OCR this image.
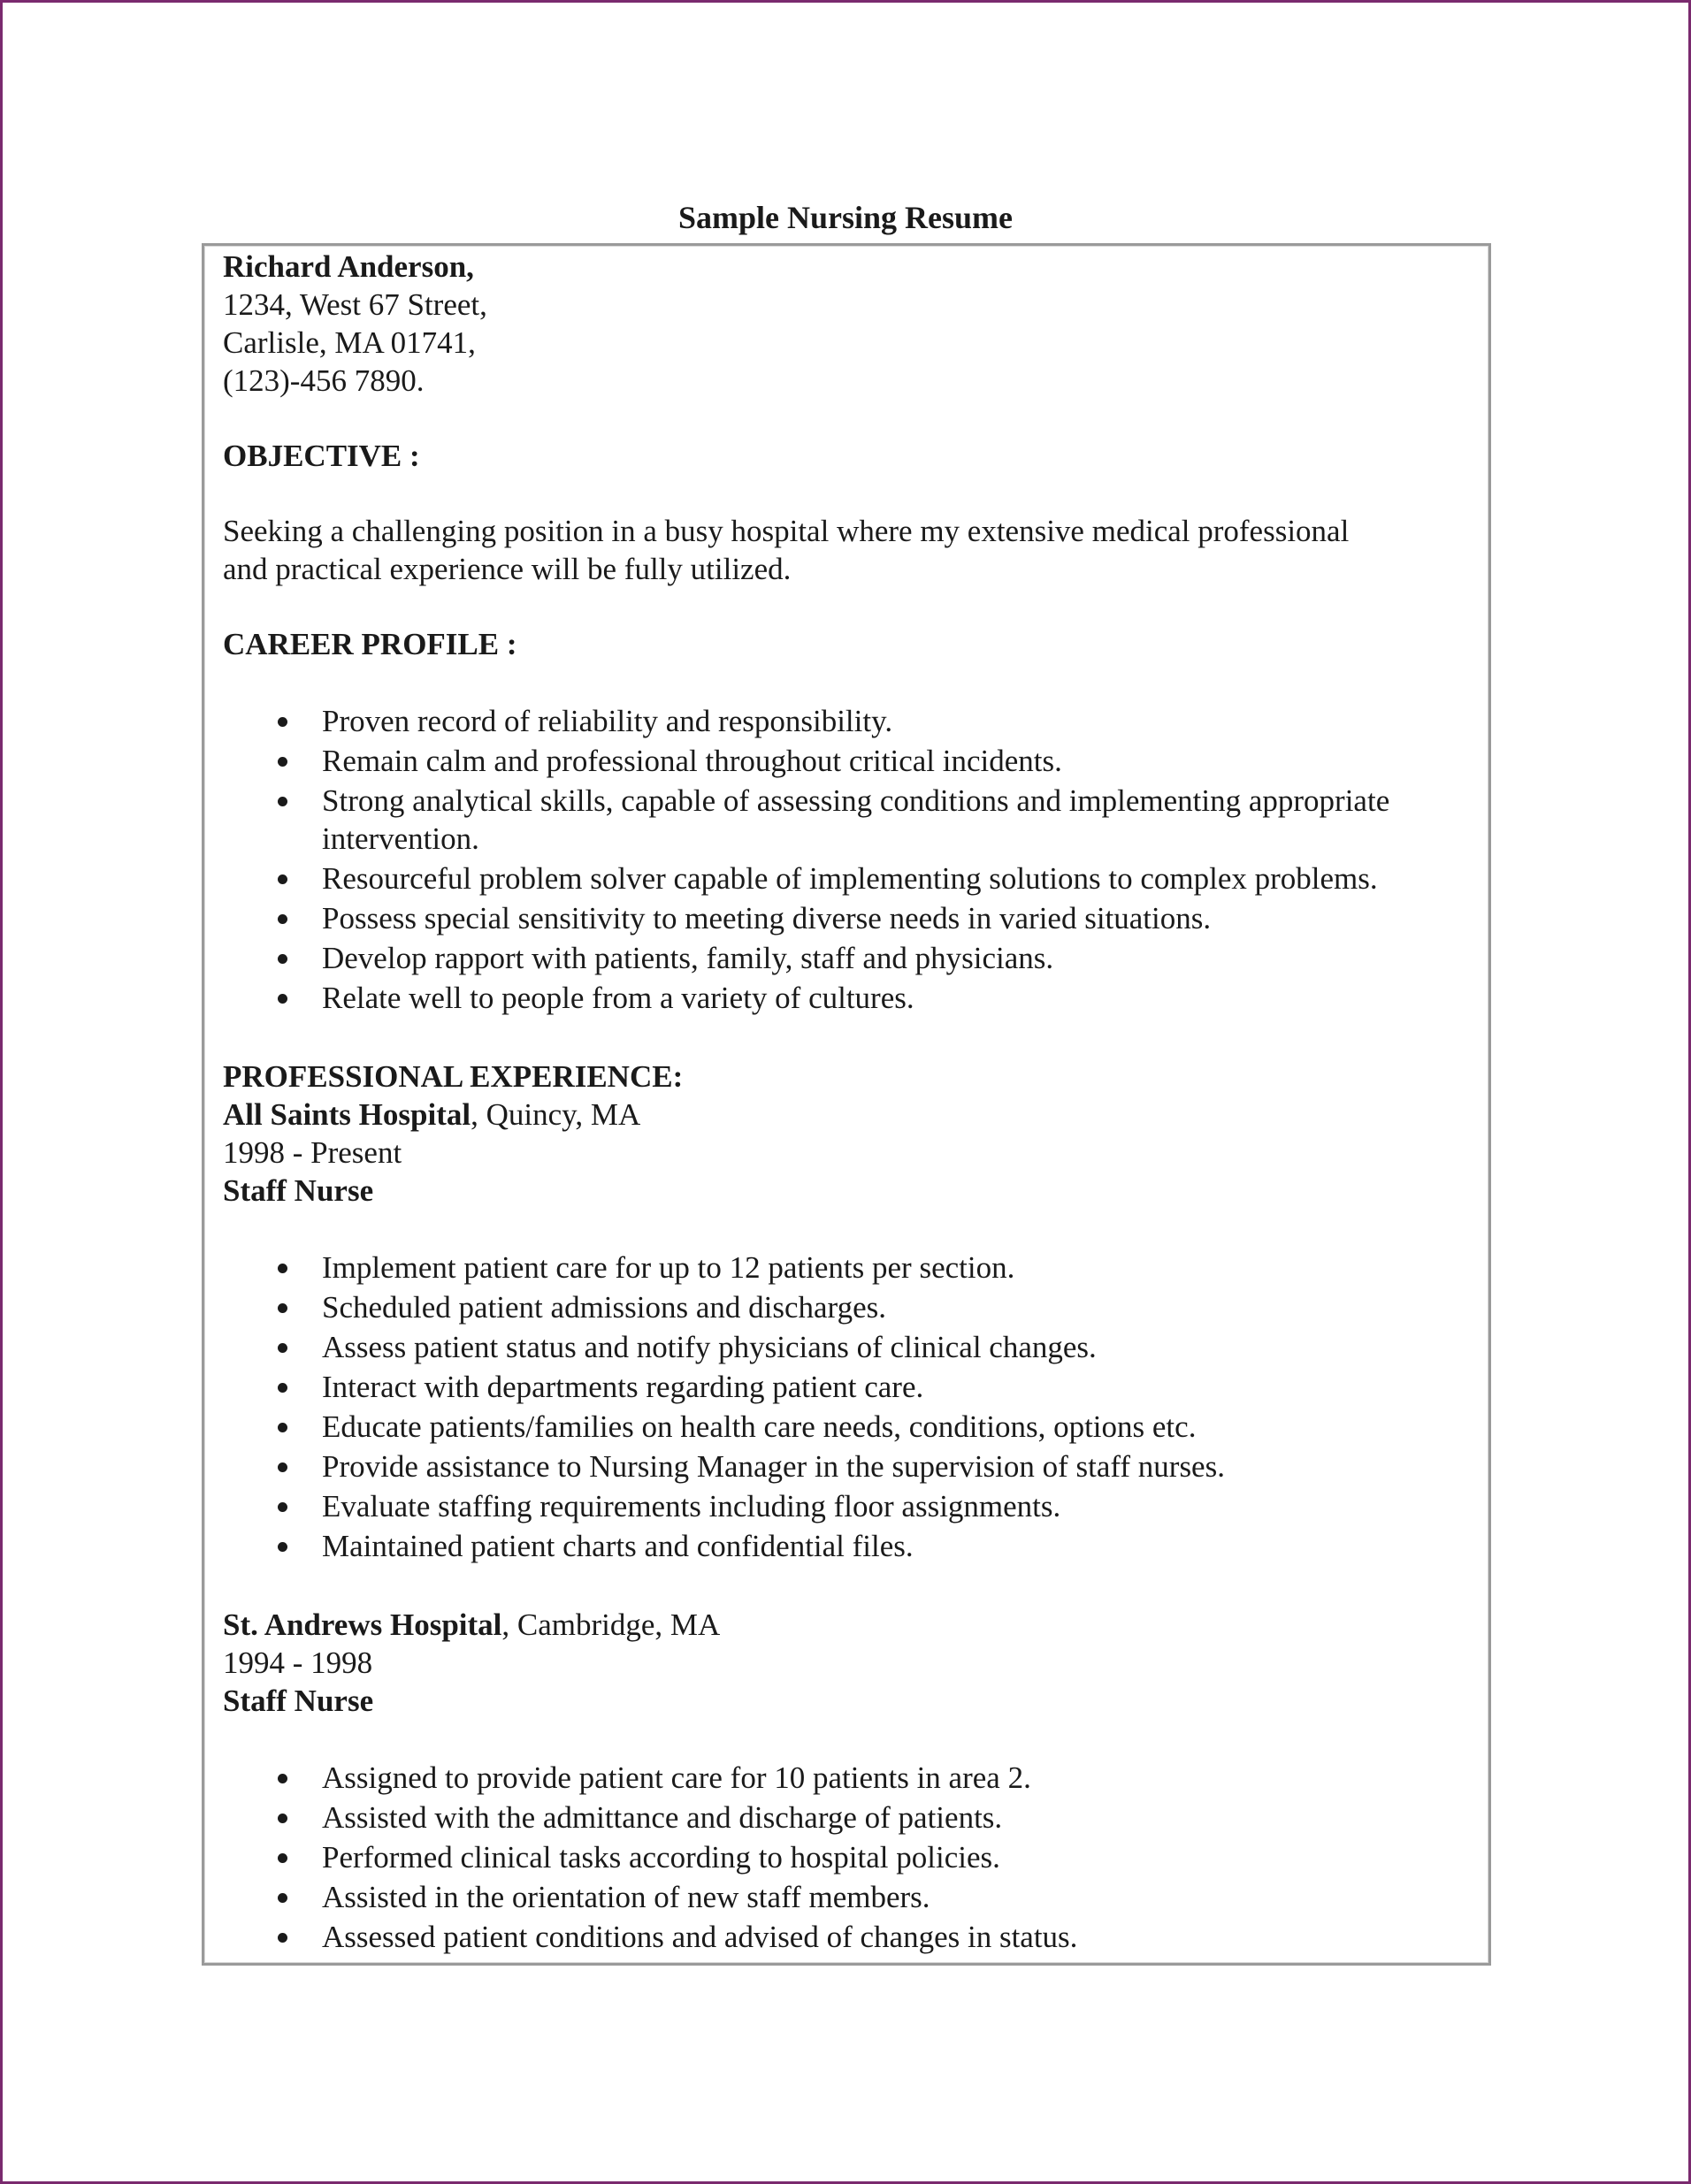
Sample Nursing Resume
Richard Anderson,
1234, West 67 Street,
Carlisle, MA 01741,
(123)-456 7890.
OBJECTIVE :
Seeking a challenging position in a busy hospital where my extensive medical professional
and practical experience will be fully utilized.
CAREER PROFILE :
Proven record of reliability and responsibility.
Remain calm and professional throughout critical incidents.
Strong analytical skills, capable of assessing conditions and implementing appropriate
intervention.
Resourceful problem solver capable of implementing solutions to complex problems.
Possess special sensitivity to meeting diverse needs in varied situations.
Develop rapport with patients, family, staff and physicians.
Relate well to people from a variety of cultures.
PROFESSIONAL EXPERIENCE:
All Saints Hospital, Quincy, MA
1998 - Present
Staff Nurse
Implement patient care for up to 12 patients per section.
Scheduled patient admissions and discharges.
Assess patient status and notify physicians of clinical changes.
Interact with departments regarding patient care.
Educate patients/families on health care needs, conditions, options etc.
Provide assistance to Nursing Manager in the supervision of staff nurses.
Evaluate staffing requirements including floor assignments.
Maintained patient charts and confidential files.
St. Andrews Hospital, Cambridge, MA
1994 - 1998
Staff Nurse
Assigned to provide patient care for 10 patients in area 2.
Assisted with the admittance and discharge of patients.
Performed clinical tasks according to hospital policies.
Assisted in the orientation of new staff members.
Assessed patient conditions and advised of changes in status.
